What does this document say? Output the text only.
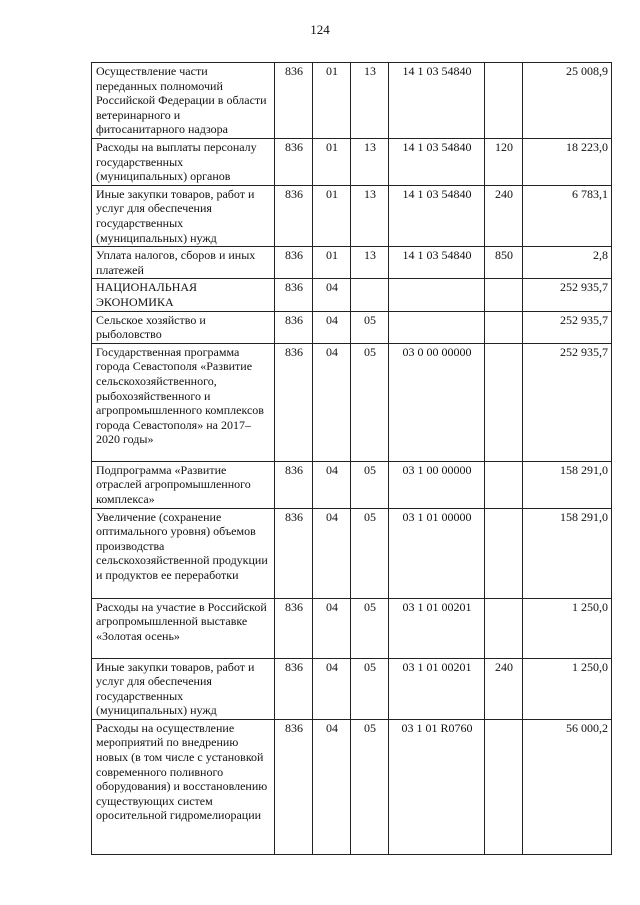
124
Осуществление части переданных полномочий Российской Федерации в области ветеринарного и фитосанитарного надзора	836	01	13	14 1 03 54840		25 008,9
Расходы на выплаты персоналу государственных (муниципальных) органов	836	01	13	14 1 03 54840	120	18 223,0
Иные закупки товаров, работ и услуг для обеспечения государственных (муниципальных) нужд	836	01	13	14 1 03 54840	240	6 783,1
Уплата налогов, сборов и иных платежей	836	01	13	14 1 03 54840	850	2,8
НАЦИОНАЛЬНАЯ ЭКОНОМИКА	836	04				252 935,7
Сельское хозяйство и рыболовство	836	04	05			252 935,7
Государственная программа города Севастополя «Развитие сельскохозяйственного, рыбохозяйственного и агропромышленного комплексов города Севастополя» на 2017–2020 годы»	836	04	05	03 0 00 00000		252 935,7
Подпрограмма «Развитие отраслей агропромышленного комплекса»	836	04	05	03 1 00 00000		158 291,0
Увеличение (сохранение оптимального уровня) объемов производства сельскохозяйственной продукции и продуктов ее переработки	836	04	05	03 1 01 00000		158 291,0
Расходы на участие в Российской агропромышленной выставке «Золотая осень»	836	04	05	03 1 01 00201		1 250,0
Иные закупки товаров, работ и услуг для обеспечения государственных (муниципальных) нужд	836	04	05	03 1 01 00201	240	1 250,0
Расходы на осуществление мероприятий по внедрению новых (в том числе с установкой современного поливного оборудования) и восстановлению существующих систем оросительной гидромелиорации	836	04	05	03 1 01 R0760		56 000,2
